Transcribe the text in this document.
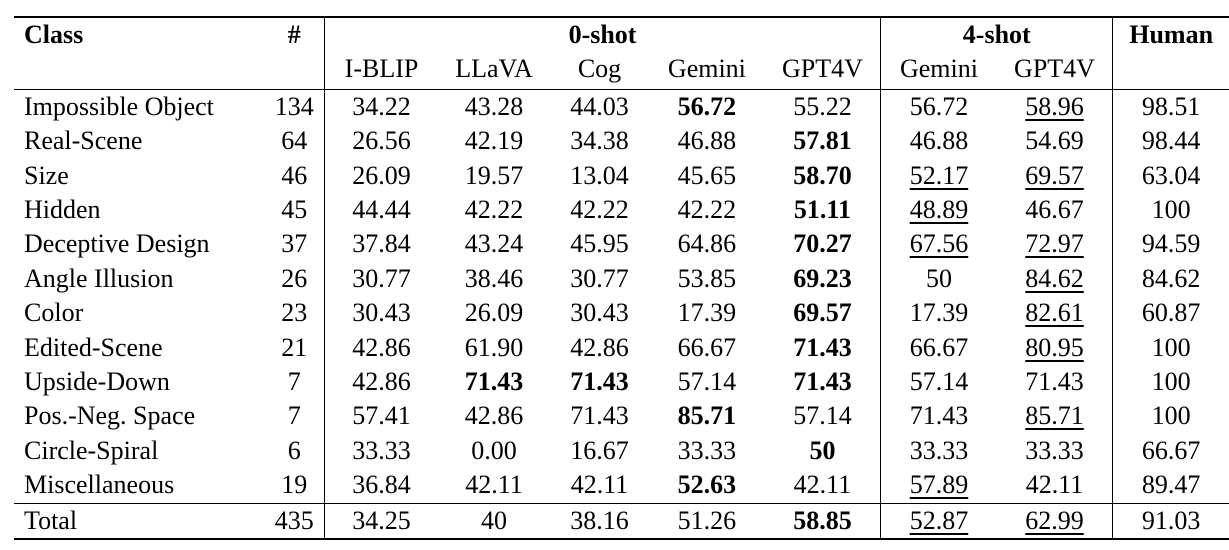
Class	#	0-shot					4-shot		Human
		I-BLIP	LLaVA	Cog	Gemini	GPT4V	Gemini	GPT4V	
Impossible Object	134	34.22	43.28	44.03	56.72	55.22	56.72	58.96	98.51
Real-Scene	64	26.56	42.19	34.38	46.88	57.81	46.88	54.69	98.44
Size	46	26.09	19.57	13.04	45.65	58.70	52.17	69.57	63.04
Hidden	45	44.44	42.22	42.22	42.22	51.11	48.89	46.67	100
Deceptive Design	37	37.84	43.24	45.95	64.86	70.27	67.56	72.97	94.59
Angle Illusion	26	30.77	38.46	30.77	53.85	69.23	50	84.62	84.62
Color	23	30.43	26.09	30.43	17.39	69.57	17.39	82.61	60.87
Edited-Scene	21	42.86	61.90	42.86	66.67	71.43	66.67	80.95	100
Upside-Down	7	42.86	71.43	71.43	57.14	71.43	57.14	71.43	100
Pos.-Neg. Space	7	57.41	42.86	71.43	85.71	57.14	71.43	85.71	100
Circle-Spiral	6	33.33	0.00	16.67	33.33	50	33.33	33.33	66.67
Miscellaneous	19	36.84	42.11	42.11	52.63	42.11	57.89	42.11	89.47
Total	435	34.25	40	38.16	51.26	58.85	52.87	62.99	91.03
